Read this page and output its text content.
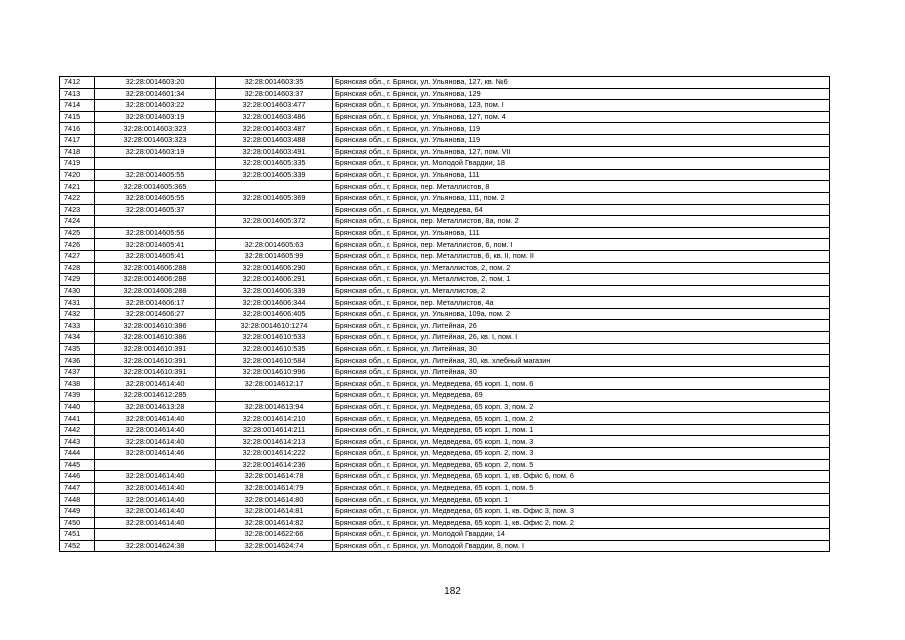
7412	32:28:0014603:20	32:28:0014603:35	Брянская обл., г. Брянск, ул. Ульянова, 127, кв. №6
7413	32:28:0014601:34	32:28:0014603:37	Брянская обл., г. Брянск, ул. Ульянова, 129
7414	32:28:0014603:22	32:28:0014603:477	Брянская обл., г. Брянск, ул. Ульянова, 123, пом. I
7415	32:28:0014603:19	32:28:0014603:486	Брянская обл., г. Брянск, ул. Ульянова, 127, пом. 4
7416	32:28:0014603:323	32:28:0014603:487	Брянская обл., г. Брянск, ул. Ульянова, 119
7417	32:28:0014603:323	32:28:0014603:488	Брянская обл., г. Брянск, ул. Ульянова, 119
7418	32:28:0014603:19	32:28:0014603:491	Брянская обл., г. Брянск, ул. Ульянова, 127, пом. VII
7419		32:28:0014605:335	Брянская обл., г. Брянск, ул. Молодой Гвардии, 18
7420	32:28:0014605:55	32:28:0014605:339	Брянская обл., г. Брянск, ул. Ульянова, 111
7421	32:28:0014605:365		Брянская обл., г. Брянск, пер. Металлистов, 8
7422	32:28:0014605:55	32:28:0014605:369	Брянская обл., г. Брянск, ул. Ульянова, 111, пом. 2
7423	32:28:0014605:37		Брянская обл., г. Брянск, ул. Медведева, 64
7424		32:28:0014605:372	Брянская обл., г. Брянск, пер. Металлистов, 8а, пом. 2
7425	32:28:0014605:56		Брянская обл., г. Брянск, ул. Ульянова, 111
7426	32:28:0014605:41	32:28:0014605:63	Брянская обл., г. Брянск, пер. Металлистов, 6, пом. I
7427	32:28:0014605:41	32:28:0014605:99	Брянская обл., г. Брянск, пер. Металлистов, 6, кв. II, пом. II
7428	32:28:0014606:288	32:28:0014606:290	Брянская обл., г. Брянск, ул. Металлистов, 2, пом. 2
7429	32:28:0014606:288	32:28:0014606:291	Брянская обл., г. Брянск, ул. Металлистов, 2, пом. 1
7430	32:28:0014606:288	32:28:0014606:339	Брянская обл., г. Брянск, ул. Металлистов, 2
7431	32:28:0014606:17	32:28:0014606:344	Брянская обл., г. Брянск, пер. Металлистов, 4а
7432	32:28:0014606:27	32:28:0014606:405	Брянская обл., г. Брянск, ул. Ульянова, 109а, пом. 2
7433	32:28:0014610:386	32:28:0014610:1274	Брянская обл., г. Брянск, ул. Литейная, 26
7434	32:28:0014610:386	32:28:0014610:533	Брянская обл., г. Брянск, ул. Литейная, 26, кв. I, пом. I
7435	32:28:0014610:391	32:28:0014610:535	Брянская обл., г. Брянск, ул. Литейная, 30
7436	32:28:0014610:391	32:28:0014610:584	Брянская обл., г. Брянск, ул. Литейная, 30, кв. хлебный магазин
7437	32:28:0014610:391	32:28:0014610:996	Брянская обл., г. Брянск, ул. Литейная, 30
7438	32:28:0014614:40	32:28:0014612:17	Брянская обл., г. Брянск, ул. Медведева, 65 корп. 1, пом. 6
7439	32:28:0014612:285		Брянская обл., г. Брянск, ул. Медведева, 69
7440	32:28:0014613:28	32:28:0014613:94	Брянская обл., г. Брянск, ул. Медведева, 65 корп. 3, пом. 2
7441	32:28:0014614:40	32:28:0014614:210	Брянская обл., г. Брянск, ул. Медведева, 65 корп. 1, пом. 2
7442	32:28:0014614:40	32:28:0014614:211	Брянская обл., г. Брянск, ул. Медведева, 65 корп. 1, пом. 1
7443	32:28:0014614:40	32:28:0014614:213	Брянская обл., г. Брянск, ул. Медведева, 65 корп. 1, пом. 3
7444	32:28:0014614:46	32:28:0014614:222	Брянская обл., г. Брянск, ул. Медведева, 65 корп. 2, пом. 3
7445		32:28:0014614:236	Брянская обл., г. Брянск, ул. Медведева, 65 корп. 2, пом. 5
7446	32:28:0014614:40	32:28:0014614:78	Брянская обл., г. Брянск, ул. Медведева, 65 корп. 1, кв. Офис 6, пом. 6
7447	32:28:0014614:40	32:28:0014614:79	Брянская обл., г. Брянск, ул. Медведева, 65 корп. 1, пом. 5
7448	32:28:0014614:40	32:28:0014614:80	Брянская обл., г. Брянск, ул. Медведева, 65 корп. 1
7449	32:28:0014614:40	32:28:0014614:81	Брянская обл., г. Брянск, ул. Медведева, 65 корп. 1, кв. Офис 3, пом. 3
7450	32:28:0014614:40	32:28:0014614:82	Брянская обл., г. Брянск, ул. Медведева, 65 корп. 1, кв. Офис 2, пом. 2
7451		32:28:0014622:66	Брянская обл., г. Брянск, ул. Молодой Гвардии, 14
7452	32:28:0014624:38	32:28:0014624:74	Брянская обл., г. Брянск, ул. Молодой Гвардии, 8, пом. I
182
